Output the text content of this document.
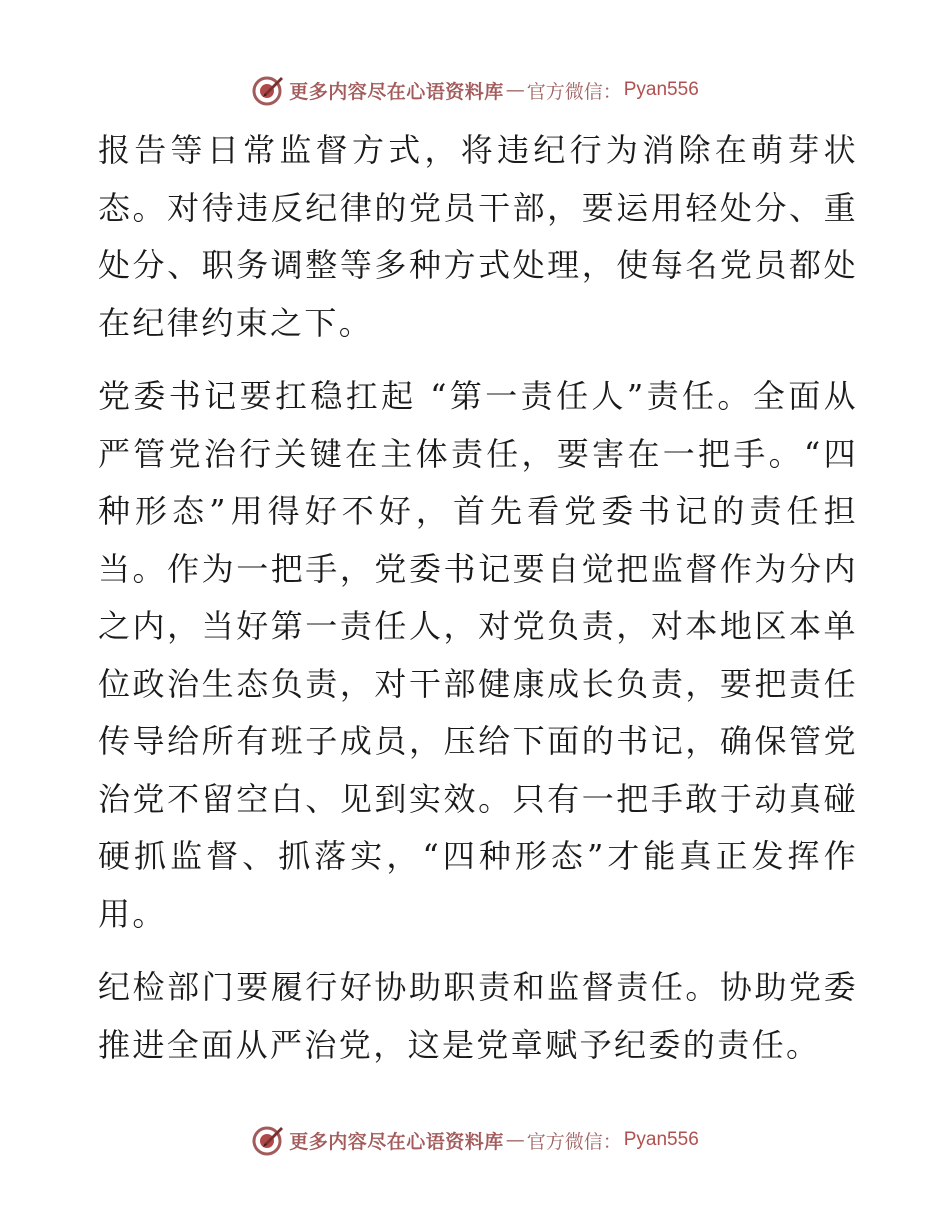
更多内容尽在心语资料库 — 官方微信： Pyan556

报告等日常监督方式，将违纪行为消除在萌芽状态。对待违反纪律的党员干部，要运用轻处分、重处分、职务调整等多种方式处理，使每名党员都处在纪律约束之下。

党委书记要扛稳扛起 “第一责任人”责任。全面从严管党治行关键在主体责任，要害在一把手。“四种形态”用得好不好，首先看党委书记的责任担当。作为一把手，党委书记要自觉把监督作为分内之内，当好第一责任人，对党负责，对本地区本单位政治生态负责，对干部健康成长负责，要把责任传导给所有班子成员，压给下面的书记，确保管党治党不留空白、见到实效。只有一把手敢于动真碰硬抓监督、抓落实，“四种形态”才能真正发挥作用。

纪检部门要履行好协助职责和监督责任。协助党委推进全面从严治党，这是党章赋予纪委的责任。

更多内容尽在心语资料库 — 官方微信： Pyan556
